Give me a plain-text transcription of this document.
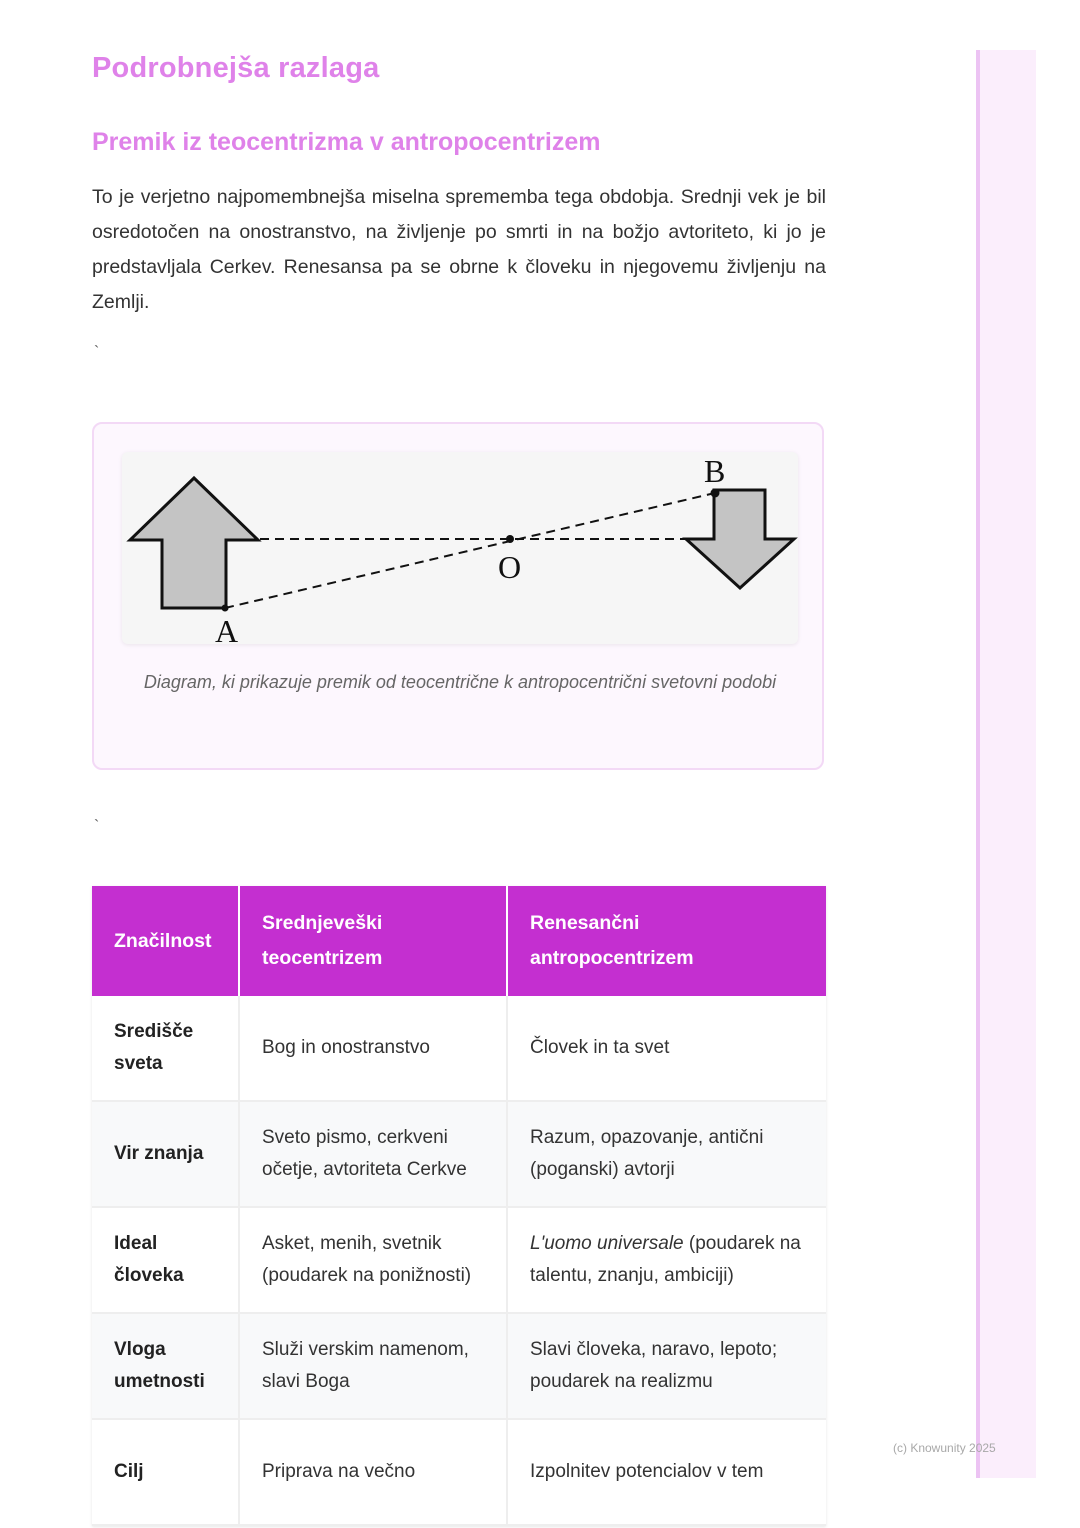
Podrobnejša razlaga
Premik iz teocentrizma v antropocentrizem

To je verjetno najpomembnejša miselna sprememba tega obdobja. Srednji vek je bil osredotočen na onostranstvo, na življenje po smrti in na božjo avtoriteto, ki jo je predstavljala Cerkev. Renesansa pa se obrne k človeku in njegovemu življenju na Zemlji.

`
A
O
B

Diagram, ki prikazuje premik od teocentrične k antropocentrični svetovni podobi

`
Značilnost	Srednjeveški teocentrizem	Renesančni antropocentrizem
Središče sveta	Bog in onostranstvo	Človek in ta svet
Vir znanja	Sveto pismo, cerkveni očetje, avtoriteta Cerkve	Razum, opazovanje, antični (poganski) avtorji
Ideal človeka	Asket, menih, svetnik (poudarek na ponižnosti)	L'uomo universale (poudarek na talentu, znanju, ambiciji)
Vloga umetnosti	Služi verskim namenom, slavi Boga	Slavi človeka, naravo, lepoto; poudarek na realizmu
Cilj	Priprava na večno	Izpolnitev potencialov v tem
(c) Knowunity 2025
